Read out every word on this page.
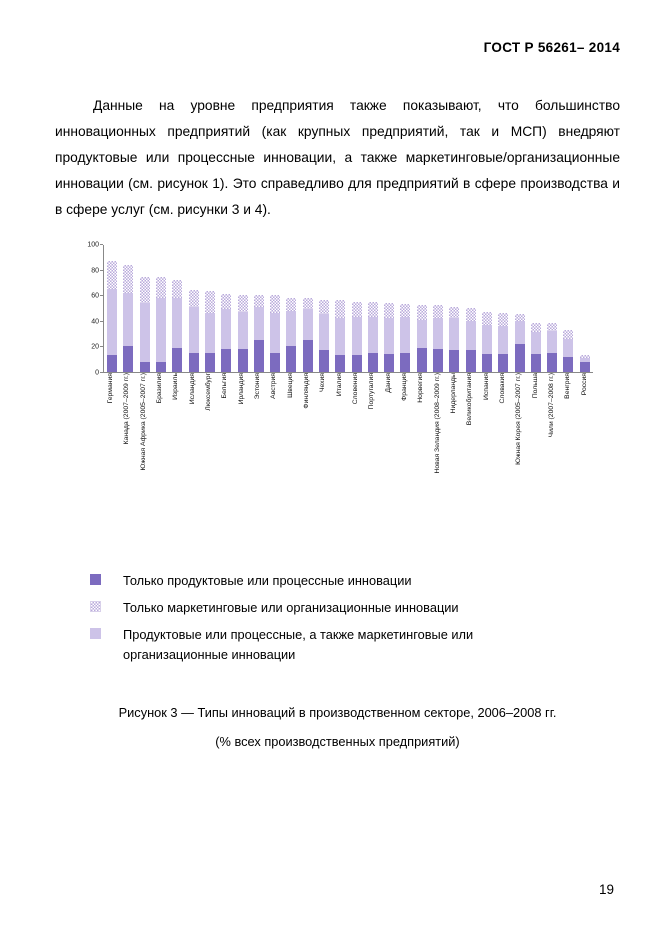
ГОСТ Р 56261– 2014

Данные на уровне предприятия также показывают, что большинство инновационных предприятий (как крупных предприятий, так и МСП) внедряют продуктовые или процессные инновации, а также маркетинговые/организационные инновации (см. рисунок 1). Это справедливо для предприятий в сфере производства и в сфере услуг (см. рисунки 3 и 4).

0
20
40
60
80
100
Германия Канада (2007–2009 гг.) Южная Африка (2005–2007 гг.) Бразилия Израиль Исландия Люксембург Бельгия Ирландия Эстония Австрия Швеция Финляндия Чехия Италия Словения Португалия Дания Франция Норвегия Новая Зеландия (2008–2009 гг.) Нидерланды Великобритания Испания Словакия Южная Корея (2005–2007 гг.) Польша Чили (2007–2008 гг.) Венгрия Россия
Только продуктовые или процессные инновации
Только маркетинговые или организационные инновации
Продуктовые или процессные, а также маркетинговые или организационные инновации
Рисунок 3 — Типы инноваций в производственном секторе, 2006–2008 гг.
(% всех производственных предприятий)
19
